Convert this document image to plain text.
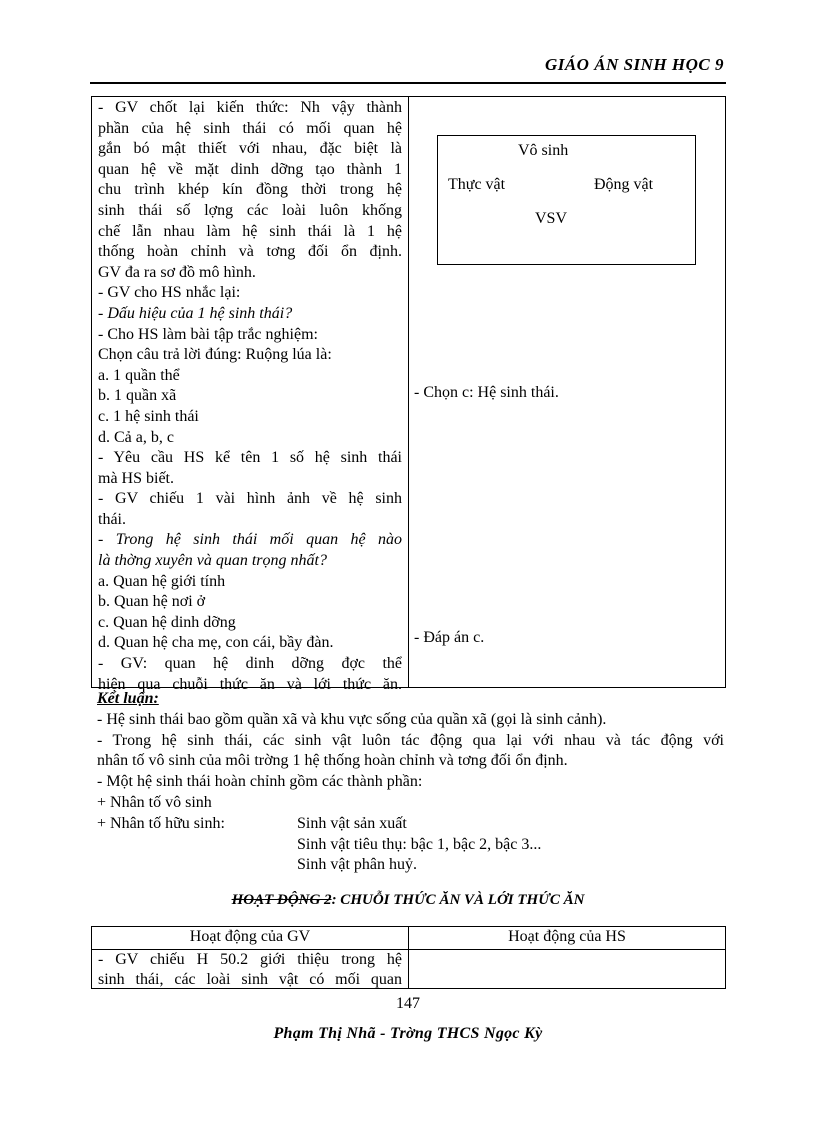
GIÁO ÁN SINH HỌC 9
- GV chốt lại kiến thức: Nh vậy thành
phần của hệ sinh thái có mối quan hệ
gắn bó mật thiết với nhau, đặc biệt là
quan hệ về mặt dinh dỡng tạo thành 1
chu trình khép kín đồng thời trong hệ
sinh thái số lợng các loài luôn khống
chế lẫn nhau làm hệ sinh thái là 1 hệ
thống hoàn chỉnh và tơng đối ổn định.
GV đa ra sơ đồ mô hình.
- GV cho HS nhắc lại:
- Dấu hiệu của 1 hệ sinh thái?
- Cho HS làm bài tập trắc nghiệm:
Chọn câu trả lời đúng: Ruộng lúa là:
a. 1 quần thể
b. 1 quần xã
c. 1 hệ sinh thái
d. Cả a, b, c
- Yêu cầu HS kể tên 1 số hệ sinh thái
mà HS biết.
- GV chiếu 1 vài hình ảnh về hệ sinh
thái.
- Trong hệ sinh thái mối quan hệ nào
là thờng xuyên và quan trọng nhất?
a. Quan hệ giới tính
b. Quan hệ nơi ở
c. Quan hệ dinh dỡng
d. Quan hệ cha mẹ, con cái, bầy đàn.
- GV: quan hệ dinh dỡng đợc thể
hiện qua chuỗi thức ăn và lới thức ăn.
Vô sinh
Thực vật	Động vật
VSV
- Chọn c: Hệ sinh thái.
- Đáp án c.
Kết luận:
- Hệ sinh thái bao gồm quần xã và khu vực sống của quần xã (gọi là sinh cảnh).
- Trong hệ sinh thái, các sinh vật luôn tác động qua lại với nhau và tác động với
nhân tố vô sinh của môi trờng 1 hệ thống hoàn chỉnh và tơng đối ổn định.
- Một hệ sinh thái hoàn chỉnh gồm các thành phần:
+ Nhân tố vô sinh
+ Nhân tố hữu sinh:	Sinh vật sản xuất
Sinh vật tiêu thụ: bậc 1, bậc 2, bậc 3...
Sinh vật phân huỷ.
HOẠT ĐỘNG 2: CHUỖI THỨC ĂN VÀ LỚI THỨC ĂN
Hoạt động của GV	Hoạt động của HS
- GV chiếu H 50.2 giới thiệu trong hệ
sinh thái, các loài sinh vật có mối quan
147
Phạm Thị Nhã - Trờng THCS Ngọc Kỳ
